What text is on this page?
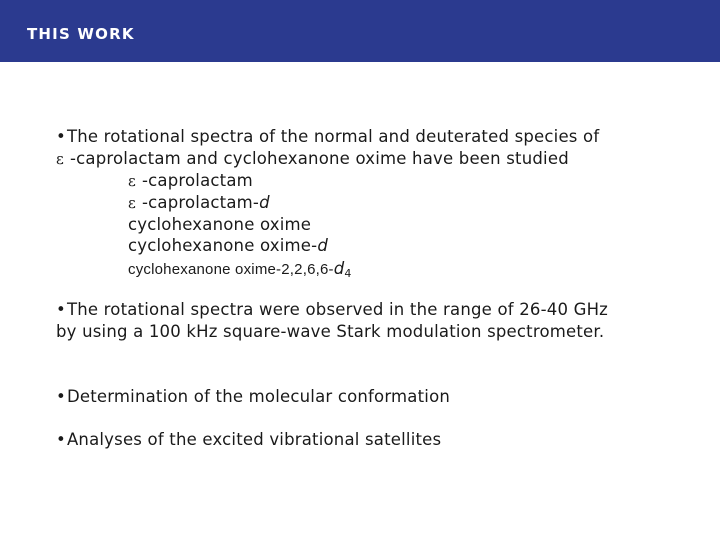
THIS WORK
•The rotational spectra of the normal and deuterated species of
ε -caprolactam and cyclohexanone oxime have been studied
ε -caprolactam
ε -caprolactam-d
cyclohexanone oxime
cyclohexanone oxime-d
cyclohexanone oxime-$2,2,6,6-d_4$
•The rotational spectra were observed in the range of 26-40 GHz
by using a 100 kHz square-wave Stark modulation spectrometer.
•Determination of the molecular conformation
•Analyses of the excited vibrational satellites
